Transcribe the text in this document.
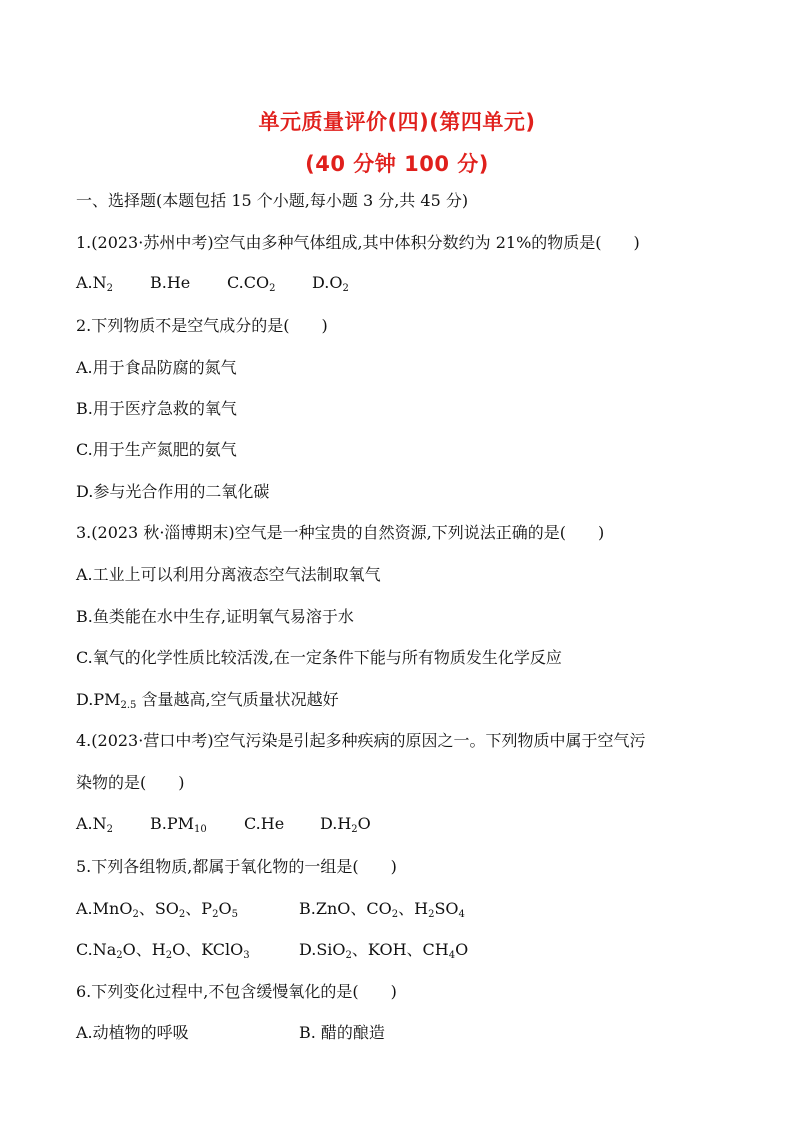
单元质量评价(四)(第四单元)
(40 分钟 100 分)
一、选择题(本题包括 15 个小题,每小题 3 分,共 45 分)
1.(2023·苏州中考)空气由多种气体组成,其中体积分数约为 21%的物质是(　　)
$A.N_2$ B.He $C.CO_2$ $D.O_2$
2.下列物质不是空气成分的是(　　)
A.用于食品防腐的氮气
B.用于医疗急救的氧气
C.用于生产氮肥的氨气
D.参与光合作用的二氧化碳
3.(2023 秋·淄博期末)空气是一种宝贵的自然资源,下列说法正确的是(　　)
A.工业上可以利用分离液态空气法制取氧气
B.鱼类能在水中生存,证明氧气易溶于水
C.氧气的化学性质比较活泼,在一定条件下能与所有物质发生化学反应
$D.PM_{2.5}$ 含量越高,空气质量状况越好
4.(2023·营口中考)空气污染是引起多种疾病的原因之一。下列物质中属于空气污
染物的是(　　)
$A.N_2$ $B.PM_{10}$ C.He $D.H_2O$
5.下列各组物质,都属于氧化物的一组是(　　)
A.MnO$_2$、$SO_2$、$P_2O_5$	B.ZnO、$CO_2$、$H_2SO_4$
$C.Na_2O$、$H_2O$、KClO$_3$	D.SiO$_2$、KOH、$CH_4O$
6.下列变化过程中,不包含缓慢氧化的是(　　)
A.动植物的呼吸	B. 醋的酿造
